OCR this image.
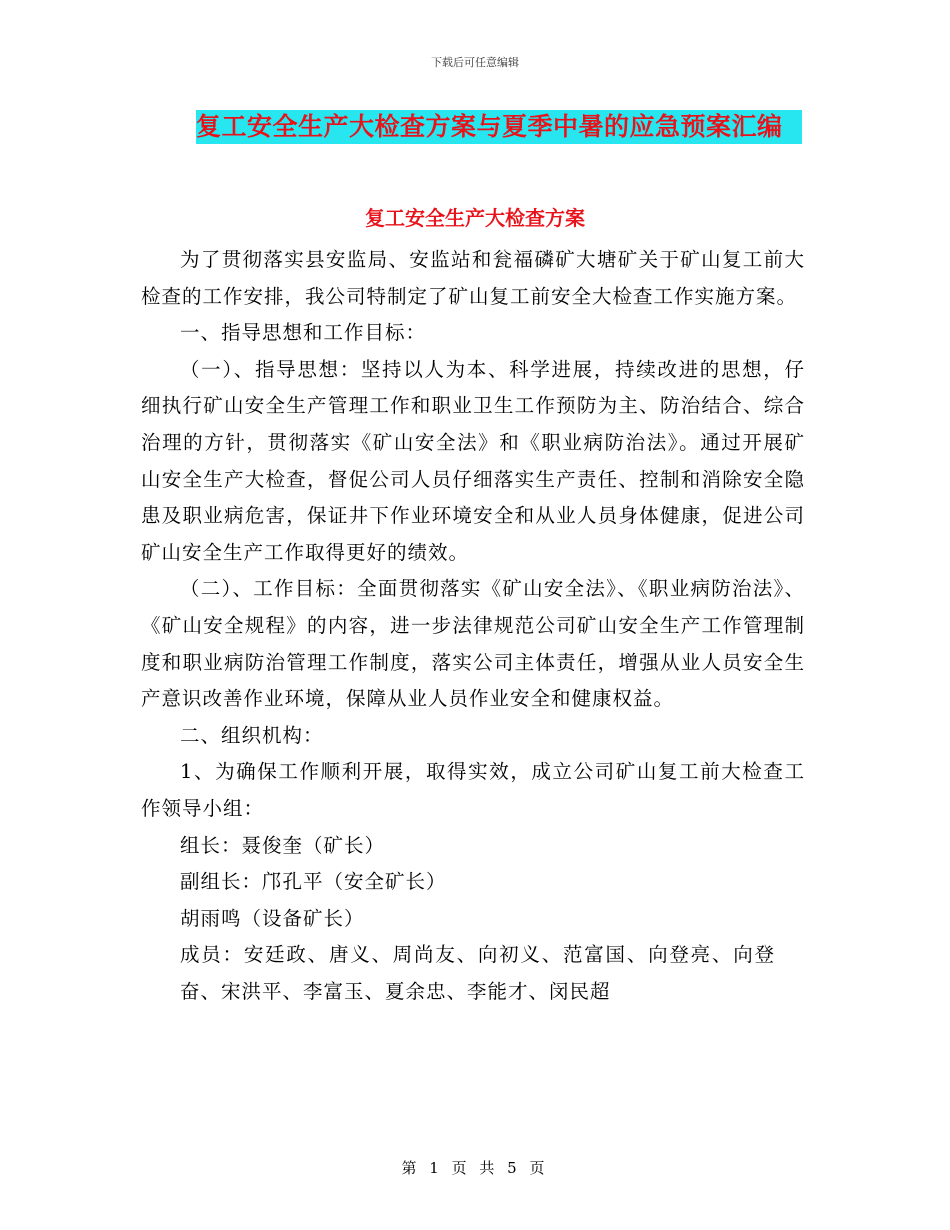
下载后可任意编辑
复工安全生产大检查方案与夏季中暑的应急预案汇编
复工安全生产大检查方案

为了贯彻落实县安监局、安监站和瓮福磷矿大塘矿关于矿山复工前大检查的工作安排，我公司特制定了矿山复工前安全大检查工作实施方案。

一、指导思想和工作目标：

（一）、指导思想：坚持以人为本、科学进展，持续改进的思想，仔细执行矿山安全生产管理工作和职业卫生工作预防为主、防治结合、综合治理的方针，贯彻落实《矿山安全法》和《职业病防治法》。通过开展矿山安全生产大检查，督促公司人员仔细落实生产责任、控制和消除安全隐患及职业病危害，保证井下作业环境安全和从业人员身体健康，促进公司矿山安全生产工作取得更好的绩效。

（二）、工作目标：全面贯彻落实《矿山安全法》、《职业病防治法》、《矿山安全规程》的内容，进一步法律规范公司矿山安全生产工作管理制度和职业病防治管理工作制度，落实公司主体责任，增强从业人员安全生产意识改善作业环境，保障从业人员作业安全和健康权益。

二、组织机构：

1、为确保工作顺利开展，取得实效，成立公司矿山复工前大检查工作领导小组：

组长：聂俊奎（矿长）

副组长：邝孔平（安全矿长）

胡雨鸣（设备矿长）

成员：安廷政、唐义、周尚友、向初义、范富国、向登亮、向登奋、宋洪平、李富玉、夏余忠、李能才、闵民超

第 1 页 共 5 页
